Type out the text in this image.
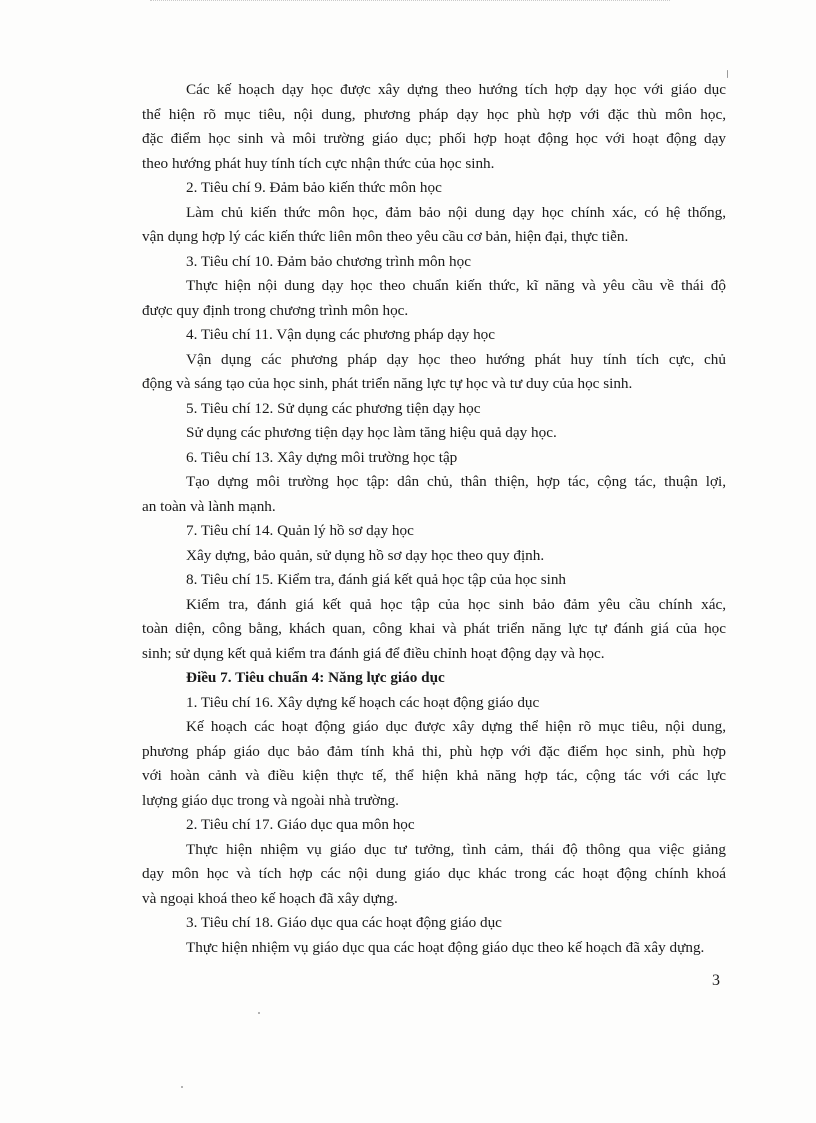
Các kế hoạch dạy học được xây dựng theo hướng tích hợp dạy học với giáo dục
thể hiện rõ mục tiêu, nội dung, phương pháp dạy học phù hợp với đặc thù môn học,
đặc điểm học sinh và môi trường giáo dục; phối hợp hoạt động học với hoạt động dạy
theo hướng phát huy tính tích cực nhận thức của học sinh.
2. Tiêu chí 9. Đảm bảo kiến thức môn học
Làm chủ kiến thức môn học, đảm bảo nội dung dạy học chính xác, có hệ thống,
vận dụng hợp lý các kiến thức liên môn theo yêu cầu cơ bản, hiện đại, thực tiễn.
3. Tiêu chí 10. Đảm bảo chương trình môn học
Thực hiện nội dung dạy học theo chuẩn kiến thức, kĩ năng và yêu cầu về thái độ
được quy định trong chương trình môn học.
4. Tiêu chí 11. Vận dụng các phương pháp dạy học
Vận dụng các phương pháp dạy học theo hướng phát huy tính tích cực, chủ
động và sáng tạo của học sinh, phát triển năng lực tự học và tư duy của học sinh.
5. Tiêu chí 12. Sử dụng các phương tiện dạy học
Sử dụng các phương tiện dạy học làm tăng hiệu quả dạy học.
6. Tiêu chí 13. Xây dựng môi trường học tập
Tạo dựng môi trường học tập: dân chủ, thân thiện, hợp tác, cộng tác, thuận lợi,
an toàn và lành mạnh.
7. Tiêu chí 14. Quản lý hồ sơ dạy học
Xây dựng, bảo quản, sử dụng hồ sơ dạy học theo quy định.
8. Tiêu chí 15. Kiểm tra, đánh giá kết quả học tập của học sinh
Kiểm tra, đánh giá kết quả học tập của học sinh bảo đảm yêu cầu chính xác,
toàn diện, công bằng, khách quan, công khai và phát triển năng lực tự đánh giá của học
sinh; sử dụng kết quả kiểm tra đánh giá để điều chỉnh hoạt động dạy và học.
Điều 7. Tiêu chuẩn 4: Năng lực giáo dục
1. Tiêu chí 16. Xây dựng kế hoạch các hoạt động giáo dục
Kế hoạch các hoạt động giáo dục được xây dựng thể hiện rõ mục tiêu, nội dung,
phương pháp giáo dục bảo đảm tính khả thi, phù hợp với đặc điểm học sinh, phù hợp
với hoàn cảnh và điều kiện thực tế, thể hiện khả năng hợp tác, cộng tác với các lực
lượng giáo dục trong và ngoài nhà trường.
2. Tiêu chí 17. Giáo dục qua môn học
Thực hiện nhiệm vụ giáo dục tư tưởng, tình cảm, thái độ thông qua việc giảng
dạy môn học và tích hợp các nội dung giáo dục khác trong các hoạt động chính khoá
và ngoại khoá theo kế hoạch đã xây dựng.
3. Tiêu chí 18. Giáo dục qua các hoạt động giáo dục
Thực hiện nhiệm vụ giáo dục qua các hoạt động giáo dục theo kế hoạch đã xây dựng.
3
